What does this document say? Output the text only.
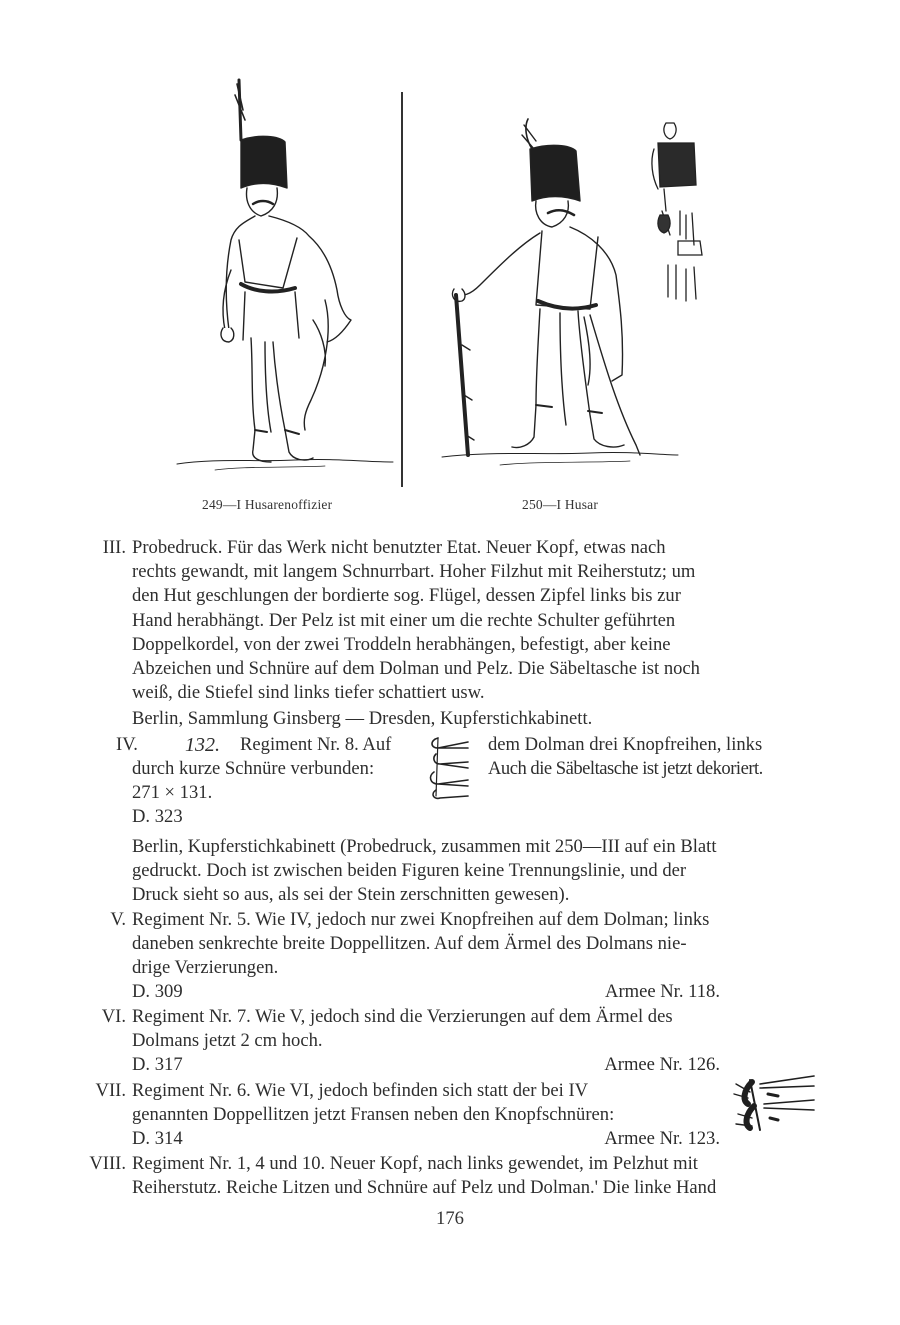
249—I Husarenoffizier	250—I Husar
III. Probedruck. Für das Werk nicht benutzter Etat. Neuer Kopf, etwas nach
rechts gewandt, mit langem Schnurrbart. Hoher Filzhut mit Reiherstutz; um
den Hut geschlungen der bordierte sog. Flügel, dessen Zipfel links bis zur
Hand herabhängt. Der Pelz ist mit einer um die rechte Schulter geführten
Doppelkordel, von der zwei Troddeln herabhängen, befestigt, aber keine
Abzeichen und Schnüre auf dem Dolman und Pelz. Die Säbeltasche ist noch
weiß, die Stiefel sind links tiefer schattiert usw.
Berlin, Sammlung Ginsberg — Dresden, Kupferstichkabinett.
IV. 132. Regiment Nr. 8. Auf
durch kurze Schnüre verbunden:
271 × 131.
D. 323
dem Dolman drei Knopfreihen, links
Auch die Säbeltasche ist jetzt dekoriert.
Berlin, Kupferstichkabinett (Probedruck, zusammen mit 250—III auf ein Blatt
gedruckt. Doch ist zwischen beiden Figuren keine Trennungslinie, und der
Druck sieht so aus, als sei der Stein zerschnitten gewesen).
V. Regiment Nr. 5. Wie IV, jedoch nur zwei Knopfreihen auf dem Dolman; links
daneben senkrechte breite Doppellitzen. Auf dem Ärmel des Dolmans nie-
drige Verzierungen.
D. 309	Armee Nr. 118.
VI. Regiment Nr. 7. Wie V, jedoch sind die Verzierungen auf dem Ärmel des
Dolmans jetzt 2 cm hoch.
D. 317	Armee Nr. 126.
VII. Regiment Nr. 6. Wie VI, jedoch befinden sich statt der bei IV
genannten Doppellitzen jetzt Fransen neben den Knopfschnüren:
D. 314	Armee Nr. 123.
VIII. Regiment Nr. 1, 4 und 10. Neuer Kopf, nach links gewendet, im Pelzhut mit
Reiherstutz. Reiche Litzen und Schnüre auf Pelz und Dolman.' Die linke Hand
176
